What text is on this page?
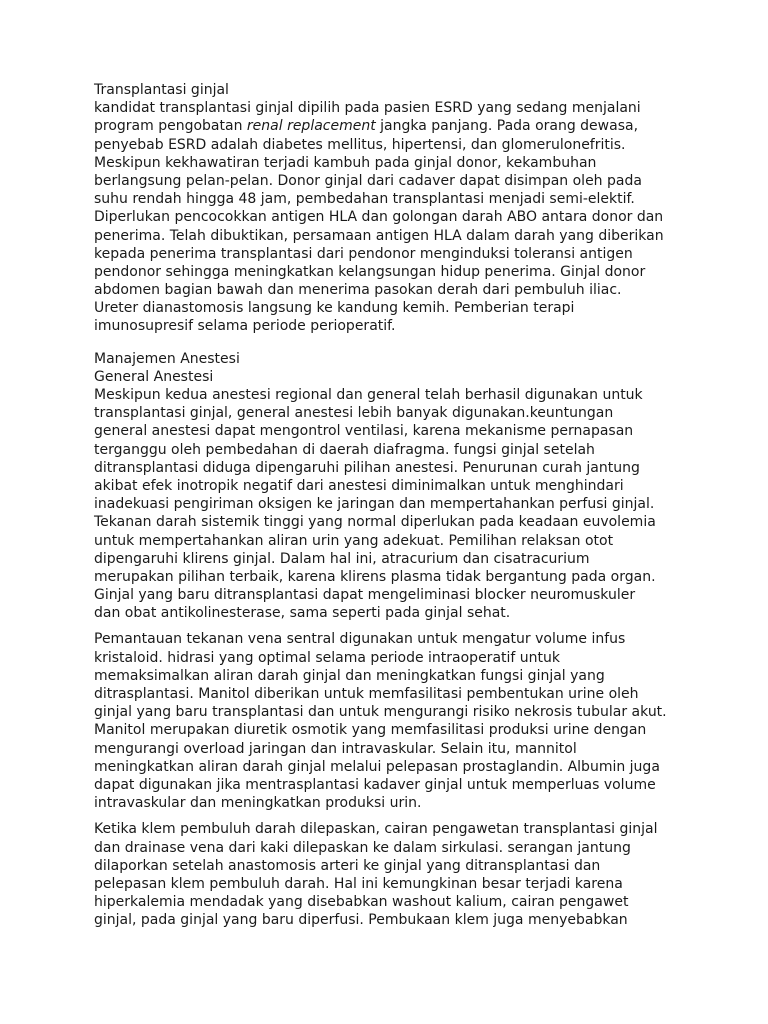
Transplantasi ginjal
kandidat transplantasi ginjal dipilih pada pasien ESRD yang sedang menjalani
program pengobatan renal replacement jangka panjang. Pada orang dewasa,
penyebab ESRD adalah diabetes mellitus, hipertensi, dan glomerulonefritis.
Meskipun kekhawatiran terjadi kambuh pada ginjal donor, kekambuhan
berlangsung pelan-pelan. Donor ginjal dari cadaver dapat disimpan oleh pada
suhu rendah hingga 48 jam, pembedahan transplantasi menjadi semi-elektif.
Diperlukan pencocokkan antigen HLA dan golongan darah ABO antara donor dan
penerima. Telah dibuktikan, persamaan antigen HLA dalam darah yang diberikan
kepada penerima transplantasi dari pendonor menginduksi toleransi antigen
pendonor sehingga meningkatkan kelangsungan hidup penerima. Ginjal donor
abdomen bagian bawah dan menerima pasokan derah dari pembuluh iliac.
Ureter dianastomosis langsung ke kandung kemih. Pemberian terapi
imunosupresif selama periode perioperatif.
Manajemen Anestesi
General Anestesi
Meskipun kedua anestesi regional dan general telah berhasil digunakan untuk
transplantasi ginjal, general anestesi lebih banyak digunakan.keuntungan
general anestesi dapat mengontrol ventilasi, karena mekanisme pernapasan
terganggu oleh pembedahan di daerah diafragma. fungsi ginjal setelah
ditransplantasi diduga dipengaruhi pilihan anestesi. Penurunan curah jantung
akibat efek inotropik negatif dari anestesi diminimalkan untuk menghindari
inadekuasi pengiriman oksigen ke jaringan dan mempertahankan perfusi ginjal.
Tekanan darah sistemik tinggi yang normal diperlukan pada keadaan euvolemia
untuk mempertahankan aliran urin yang adekuat. Pemilihan relaksan otot
dipengaruhi klirens ginjal. Dalam hal ini, atracurium dan cisatracurium
merupakan pilihan terbaik, karena klirens plasma tidak bergantung pada organ.
Ginjal yang baru ditransplantasi dapat mengeliminasi blocker neuromuskuler
dan obat antikolinesterase, sama seperti pada ginjal sehat.
Pemantauan tekanan vena sentral digunakan untuk mengatur volume infus
kristaloid. hidrasi yang optimal selama periode intraoperatif untuk
memaksimalkan aliran darah ginjal dan meningkatkan fungsi ginjal yang
ditrasplantasi. Manitol diberikan untuk memfasilitasi pembentukan urine oleh
ginjal yang baru transplantasi dan untuk mengurangi risiko nekrosis tubular akut.
Manitol merupakan diuretik osmotik yang memfasilitasi produksi urine dengan
mengurangi overload jaringan dan intravaskular. Selain itu, mannitol
meningkatkan aliran darah ginjal melalui pelepasan prostaglandin. Albumin juga
dapat digunakan jika mentrasplantasi kadaver ginjal untuk memperluas volume
intravaskular dan meningkatkan produksi urin.
Ketika klem pembuluh darah dilepaskan, cairan pengawetan transplantasi ginjal
dan drainase vena dari kaki dilepaskan ke dalam sirkulasi. serangan jantung
dilaporkan setelah anastomosis arteri ke ginjal yang ditransplantasi dan
pelepasan klem pembuluh darah. Hal ini kemungkinan besar terjadi karena
hiperkalemia mendadak yang disebabkan washout kalium, cairan pengawet
ginjal, pada ginjal yang baru diperfusi. Pembukaan klem juga menyebabkan
